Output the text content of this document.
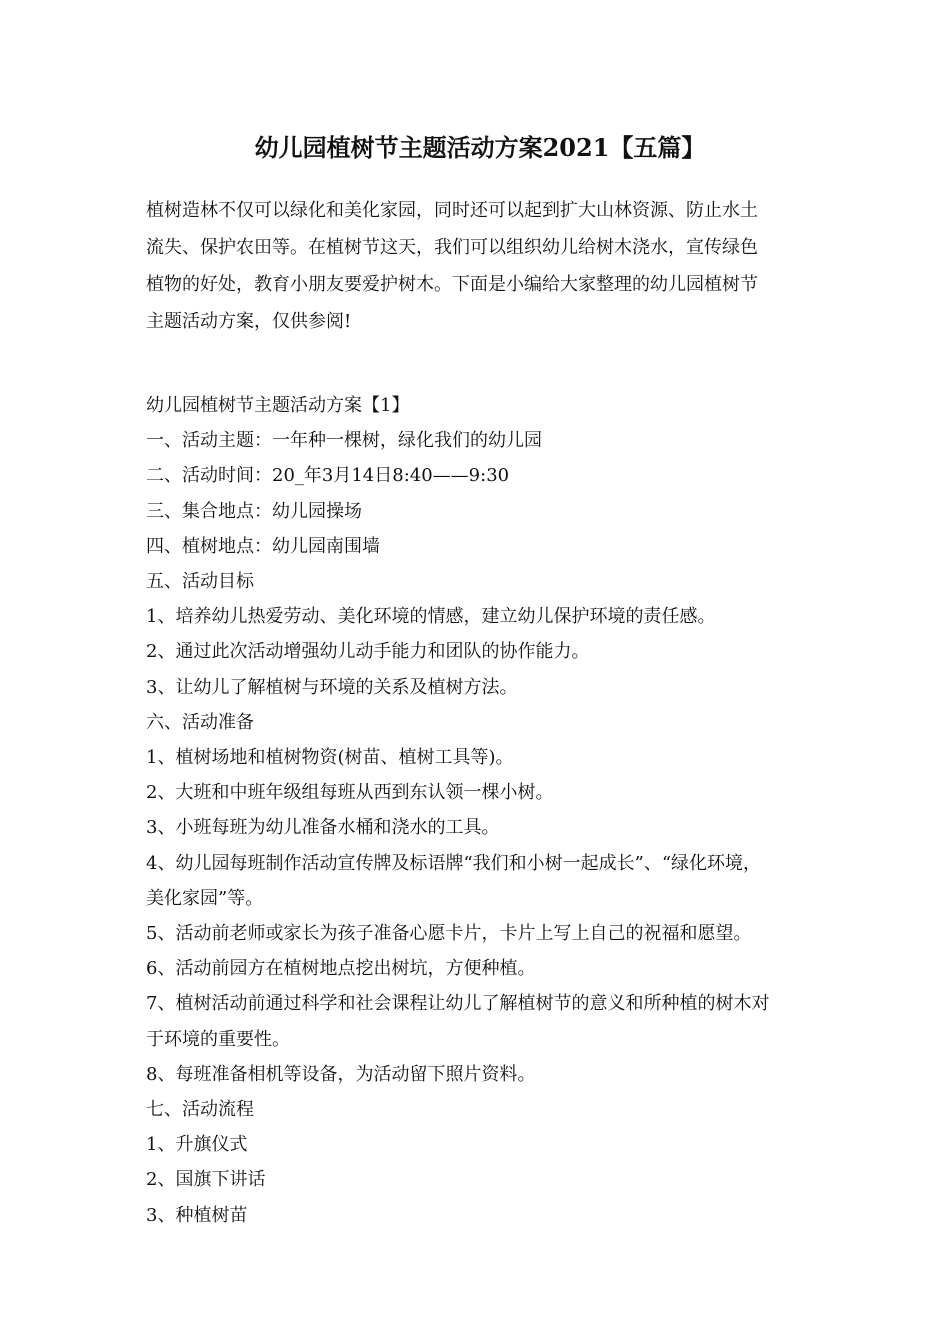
幼儿园植树节主题活动方案2021【五篇】
植树造林不仅可以绿化和美化家园，同时还可以起到扩大山林资源、防止水土
流失、保护农田等。在植树节这天，我们可以组织幼儿给树木浇水，宣传绿色
植物的好处，教育小朋友要爱护树木。下面是小编给大家整理的幼儿园植树节
主题活动方案，仅供参阅!
幼儿园植树节主题活动方案【1】
一、活动主题：一年种一棵树，绿化我们的幼儿园
二、活动时间：20_年3月14日8:40——9:30
三、集合地点：幼儿园操场
四、植树地点：幼儿园南围墙
五、活动目标
1、培养幼儿热爱劳动、美化环境的情感，建立幼儿保护环境的责任感。
2、通过此次活动增强幼儿动手能力和团队的协作能力。
3、让幼儿了解植树与环境的关系及植树方法。
六、活动准备
1、植树场地和植树物资(树苗、植树工具等)。
2、大班和中班年级组每班从西到东认领一棵小树。
3、小班每班为幼儿准备水桶和浇水的工具。
4、幼儿园每班制作活动宣传牌及标语牌“我们和小树一起成长”、“绿化环境，
美化家园”等。
5、活动前老师或家长为孩子准备心愿卡片，卡片上写上自己的祝福和愿望。
6、活动前园方在植树地点挖出树坑，方便种植。
7、植树活动前通过科学和社会课程让幼儿了解植树节的意义和所种植的树木对
于环境的重要性。
8、每班准备相机等设备，为活动留下照片资料。
七、活动流程
1、升旗仪式
2、国旗下讲话
3、种植树苗
